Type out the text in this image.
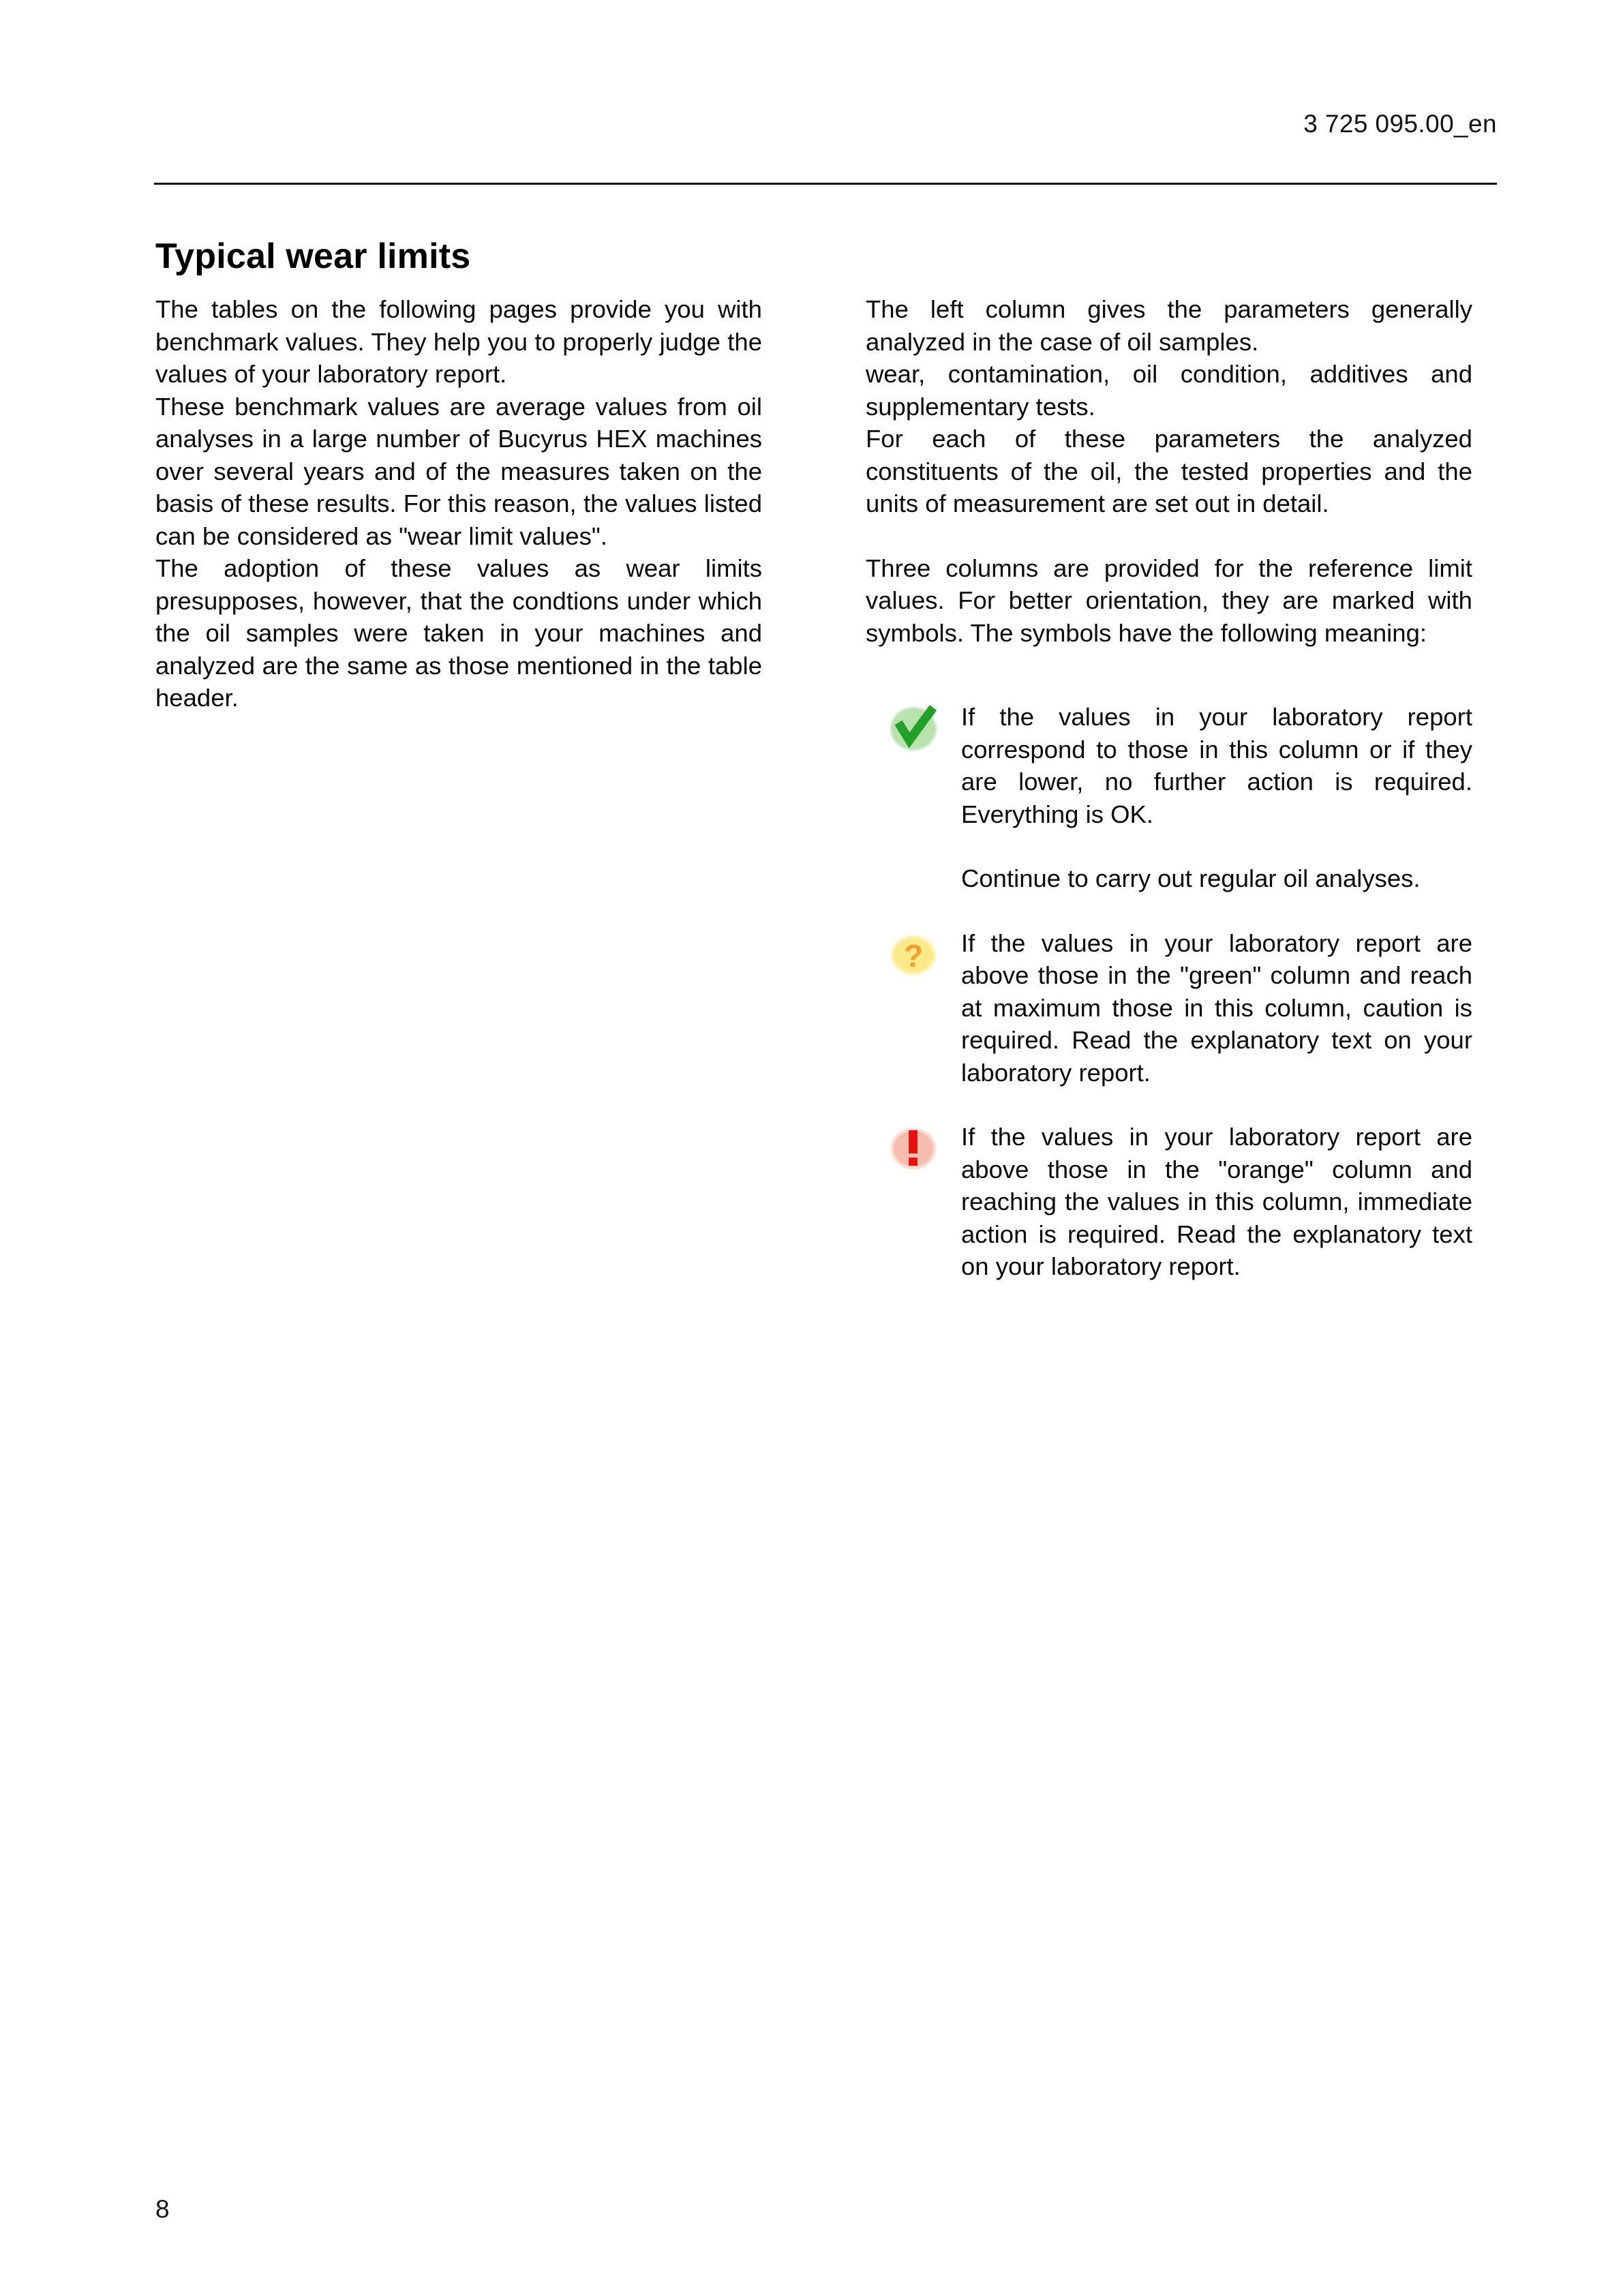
3 725 095.00_en
Typical wear limits

The tables on the following pages provide you with benchmark values. They help you to properly judge the values of your laboratory report.

These benchmark values are average values from oil analyses in a large number of Bucyrus HEX machines over several years and of the measures taken on the basis of these results. For this reason, the values listed can be considered as "wear limit values".

The adoption of these values as wear limits presupposes, however, that the condtions under which the oil samples were taken in your machines and analyzed are the same as those mentioned in the table header.

The left column gives the parameters generally analyzed in the case of oil samples.

wear, contamination, oil condition, additives and supplementary tests.

For each of these parameters the analyzed constituents of the oil, the tested properties and the units of measurement are set out in detail.

Three columns are provided for the reference limit values. For better orientation, they are marked with symbols. The symbols have the following meaning:

If the values in your laboratory report correspond to those in this column or if they are lower, no further action is required. Everything is OK.

Continue to carry out regular oil analyses.

? If the values in your laboratory report are above those in the "green" column and reach at maximum those in this column, caution is required. Read the explanatory text on your laboratory report.

If the values in your laboratory report are above those in the "orange" column and reaching the values in this column, immediate action is required. Read the explanatory text on your laboratory report.

8
